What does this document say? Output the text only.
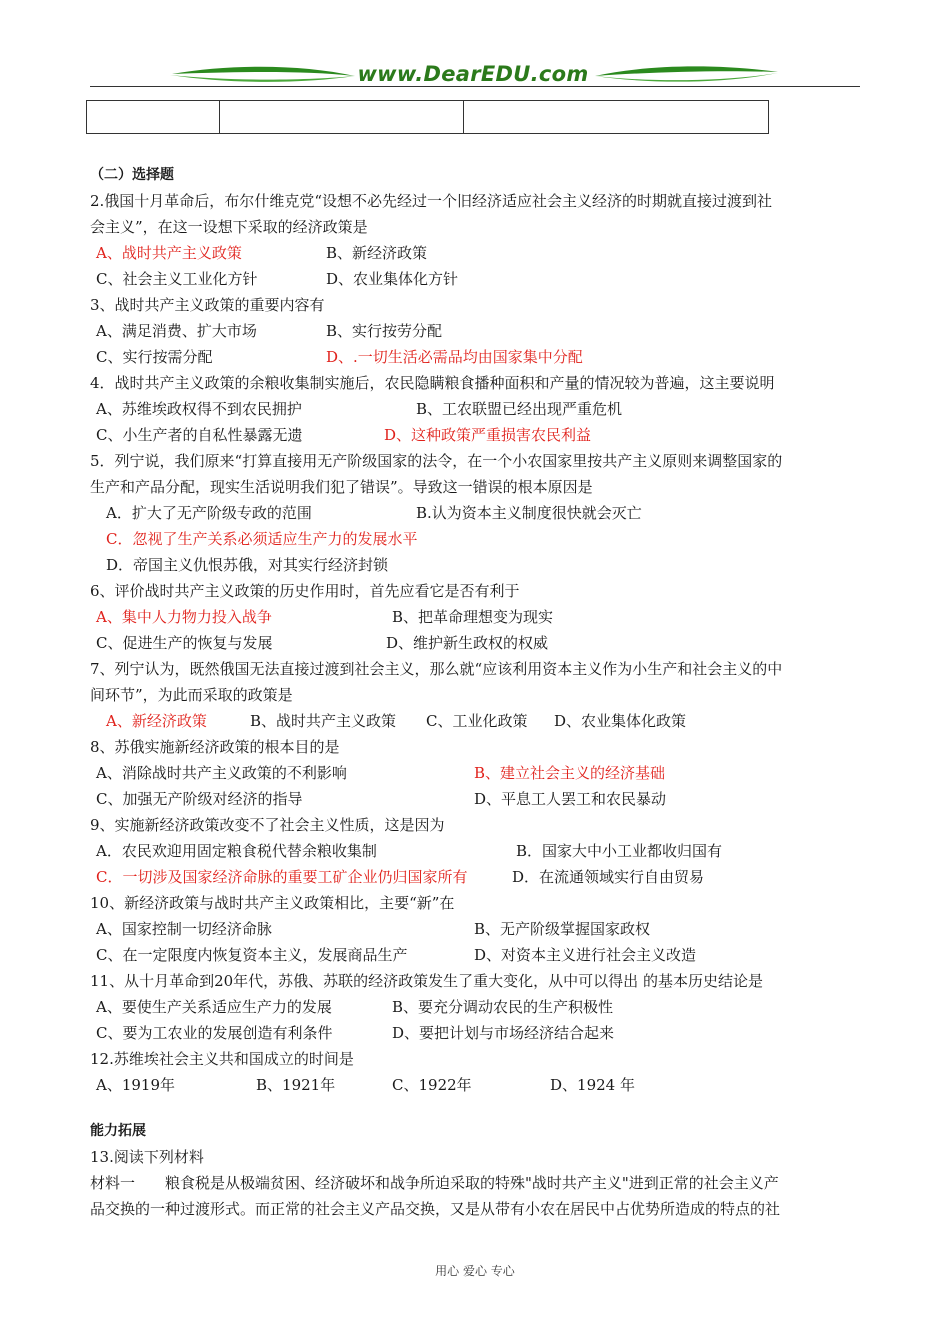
www.DearEDU.com
（二）选择题
2.俄国十月革命后，布尔什维克党“设想不必先经过一个旧经济适应社会主义经济的时期就直接过渡到社
会主义”，在这一设想下采取的经济政策是
A、战时共产主义政策	B、新经济政策
C、社会主义工业化方针	D、农业集体化方针
3、战时共产主义政策的重要内容有
A、满足消费、扩大市场	B、实行按劳分配
C、实行按需分配	D、.一切生活必需品均由国家集中分配
4．战时共产主义政策的余粮收集制实施后，农民隐瞒粮食播种面积和产量的情况较为普遍，这主要说明
A、苏维埃政权得不到农民拥护	B、工农联盟已经出现严重危机
C、小生产者的自私性暴露无遗	D、这种政策严重损害农民利益
5．列宁说，我们原来“打算直接用无产阶级国家的法令，在一个小农国家里按共产主义原则来调整国家的
生产和产品分配，现实生活说明我们犯了错误”。导致这一错误的根本原因是
A．扩大了无产阶级专政的范围	B.认为资本主义制度很快就会灭亡
C．忽视了生产关系必须适应生产力的发展水平
D．帝国主义仇恨苏俄，对其实行经济封锁
6、评价战时共产主义政策的历史作用时，首先应看它是否有利于
A、集中人力物力投入战争	B、把革命理想变为现实
C、促进生产的恢复与发展	D、维护新生政权的权威
7、列宁认为，既然俄国无法直接过渡到社会主义，那么就“应该利用资本主义作为小生产和社会主义的中
间环节”，为此而采取的政策是
A、新经济政策	B、战时共产主义政策 C、工业化政策 D、农业集体化政策
8、苏俄实施新经济政策的根本目的是
A、消除战时共产主义政策的不利影响	B、建立社会主义的经济基础
C、加强无产阶级对经济的指导	D、平息工人罢工和农民暴动
9、实施新经济政策改变不了社会主义性质，这是因为
A．农民欢迎用固定粮食税代替余粮收集制	B．国家大中小工业都收归国有
C．一切涉及国家经济命脉的重要工矿企业仍归国家所有	D．在流通领域实行自由贸易
10、新经济政策与战时共产主义政策相比，主要“新”在
A、国家控制一切经济命脉	B、无产阶级掌握国家政权
C、在一定限度内恢复资本主义，发展商品生产	D、对资本主义进行社会主义改造
11、从十月革命到20年代，苏俄、苏联的经济政策发生了重大变化，从中可以得出 的基本历史结论是
A、要使生产关系适应生产力的发展	B、要充分调动农民的生产积极性
C、要为工农业的发展创造有利条件	D、要把计划与市场经济结合起来
12.苏维埃社会主义共和国成立的时间是
A、1919年	B、1921年	C、1922年	D、1924 年
能力拓展
13.阅读下列材料
材料一　　粮食税是从极端贫困、经济破坏和战争所迫采取的特殊"战时共产主义"进到正常的社会主义产
品交换的一种过渡形式。而正常的社会主义产品交换，又是从带有小农在居民中占优势所造成的特点的社
用心 爱心 专心
